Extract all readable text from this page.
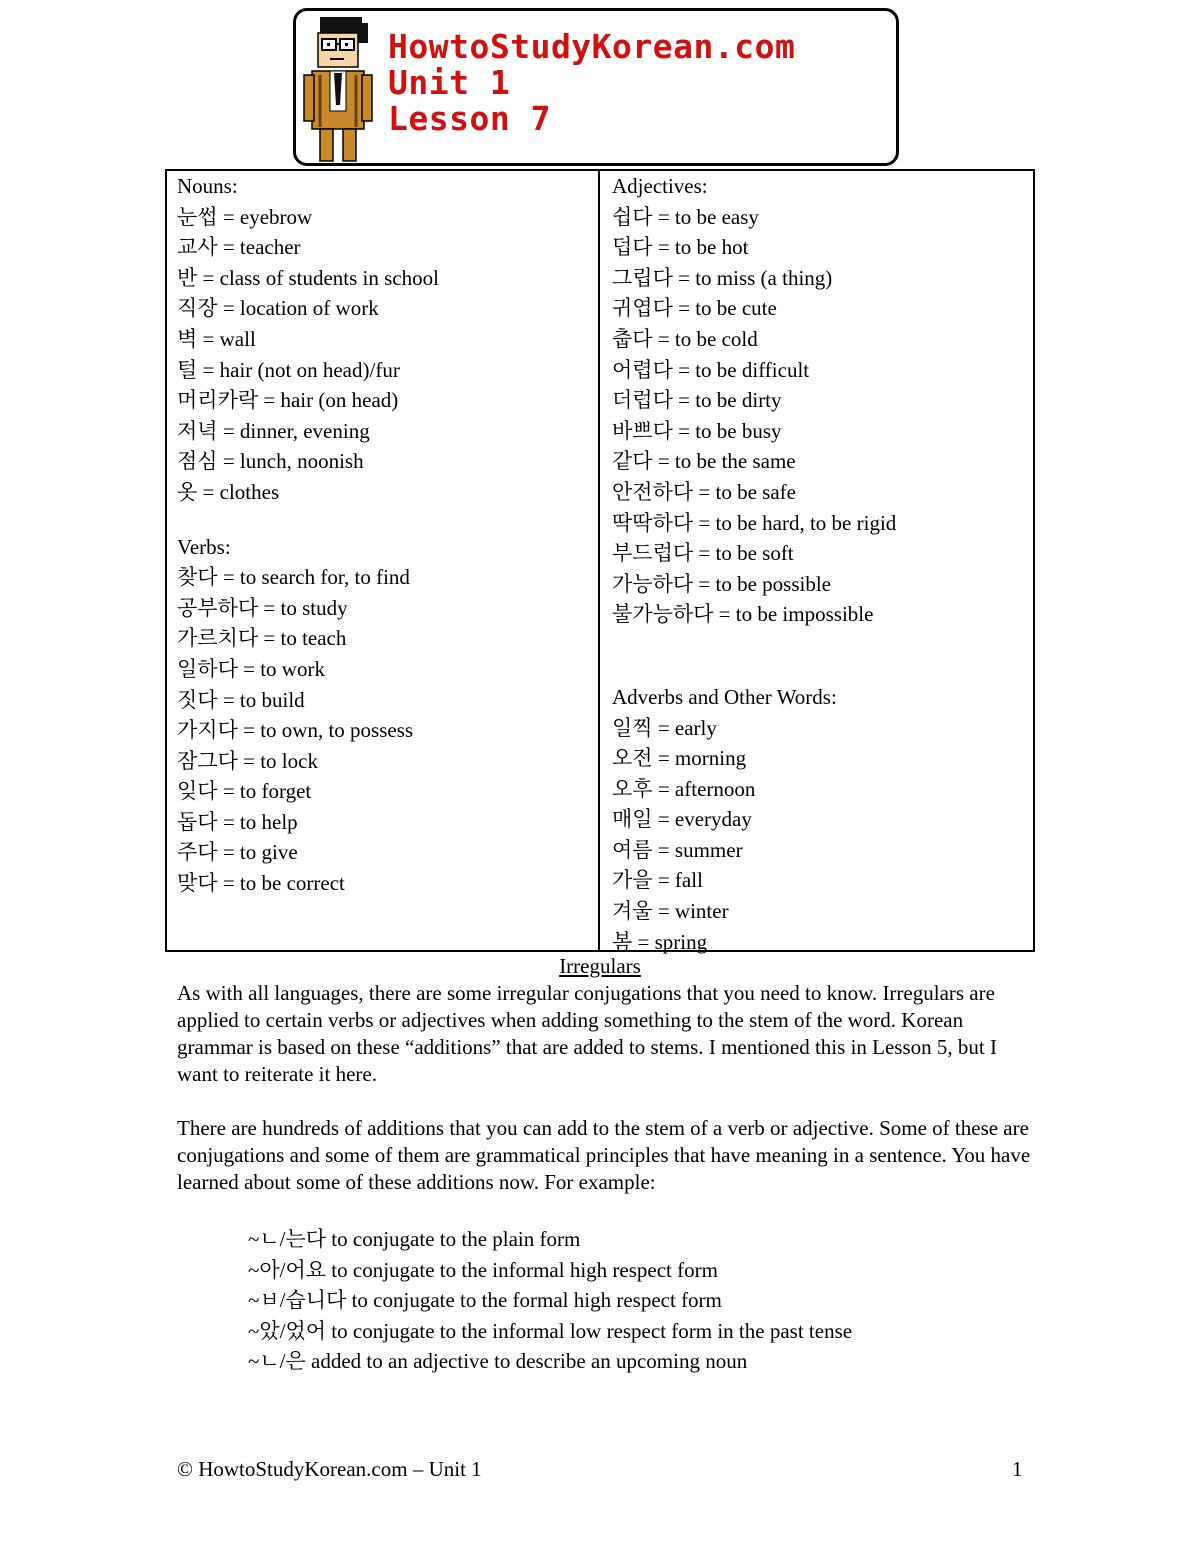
HowtoStudyKorean.com
Unit 1
Lesson 7
Nouns:
눈썹 = eyebrow
교사 = teacher
반 = class of students in school
직장 = location of work
벽 = wall
털 = hair (not on head)/fur
머리카락 = hair (on head)
저녁 = dinner, evening
점심 = lunch, noonish
옷 = clothes
Verbs:
찾다 = to search for, to find
공부하다 = to study
가르치다 = to teach
일하다 = to work
짓다 = to build
가지다 = to own, to possess
잠그다 = to lock
잊다 = to forget
돕다 = to help
주다 = to give
맞다 = to be correct
Adjectives:
쉽다 = to be easy
덥다 = to be hot
그립다 = to miss (a thing)
귀엽다 = to be cute
춥다 = to be cold
어렵다 = to be difficult
더럽다 = to be dirty
바쁘다 = to be busy
같다 = to be the same
안전하다 = to be safe
딱딱하다 = to be hard, to be rigid
부드럽다 = to be soft
가능하다 = to be possible
불가능하다 = to be impossible
Adverbs and Other Words:
일찍 = early
오전 = morning
오후 = afternoon
매일 = everyday
여름 = summer
가을 = fall
겨울 = winter
봄 = spring
Irregulars
As with all languages, there are some irregular conjugations that you need to know. Irregulars are applied to certain verbs or adjectives when adding something to the stem of the word. Korean grammar is based on these “additions” that are added to stems. I mentioned this in Lesson 5, but I want to reiterate it here.
There are hundreds of additions that you can add to the stem of a verb or adjective. Some of these are conjugations and some of them are grammatical principles that have meaning in a sentence. You have learned about some of these additions now. For example:
~ㄴ/는다 to conjugate to the plain form
~아/어요 to conjugate to the informal high respect form
~ㅂ/습니다 to conjugate to the formal high respect form
~았/었어 to conjugate to the informal low respect form in the past tense
~ㄴ/은 added to an adjective to describe an upcoming noun
© HowtoStudyKorean.com – Unit 1	1
